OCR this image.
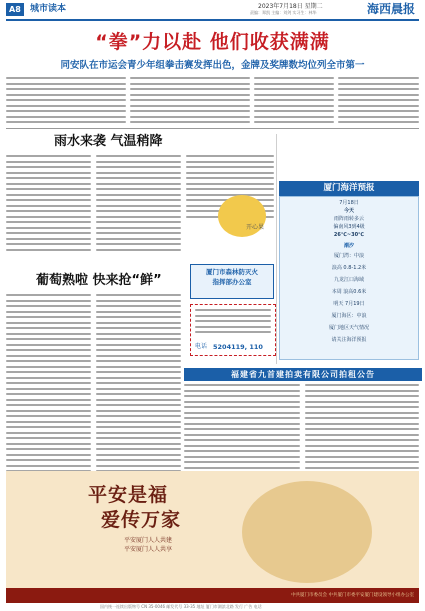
A8	城市读本	2023年7月18日 星期二
责编：郑凯 主编：刘剑 实习生：林华	海西晨报
“拳”力以赴 他们收获满满
同安队在市运会青少年组拳击赛发挥出色，金牌及奖牌数均位列全市第一
雨水来袭 气温稍降
开心果
厦门海洋预报
7月18日
今天
雨阵雨转多云
偏南风3到4级
26℃~30℃
潮汐
厦门湾：中浪
浪高 0.8-1.2米
九龙江口海域
本周 浪高0.6米
明天 7月19日
厦门海区：中浪
厦门地区天气情况
请关注海洋预报
厦门市森林防灭火
指挥部办公室
电话 5204119, 110
葡萄熟啦 快来抢“鲜”
福建省九首建拍卖有限公司拍租公告
平安是福
爱传万家
平安厦门人人共建
平安厦门人人共享
中共厦门市委员会 中共厦门市委平安厦门建设领导小组办公室
国内统一连续出版物号 CN 35-0046 邮发代号 33-35 地址 厦门市湖滨北路 发行 广告 电话
